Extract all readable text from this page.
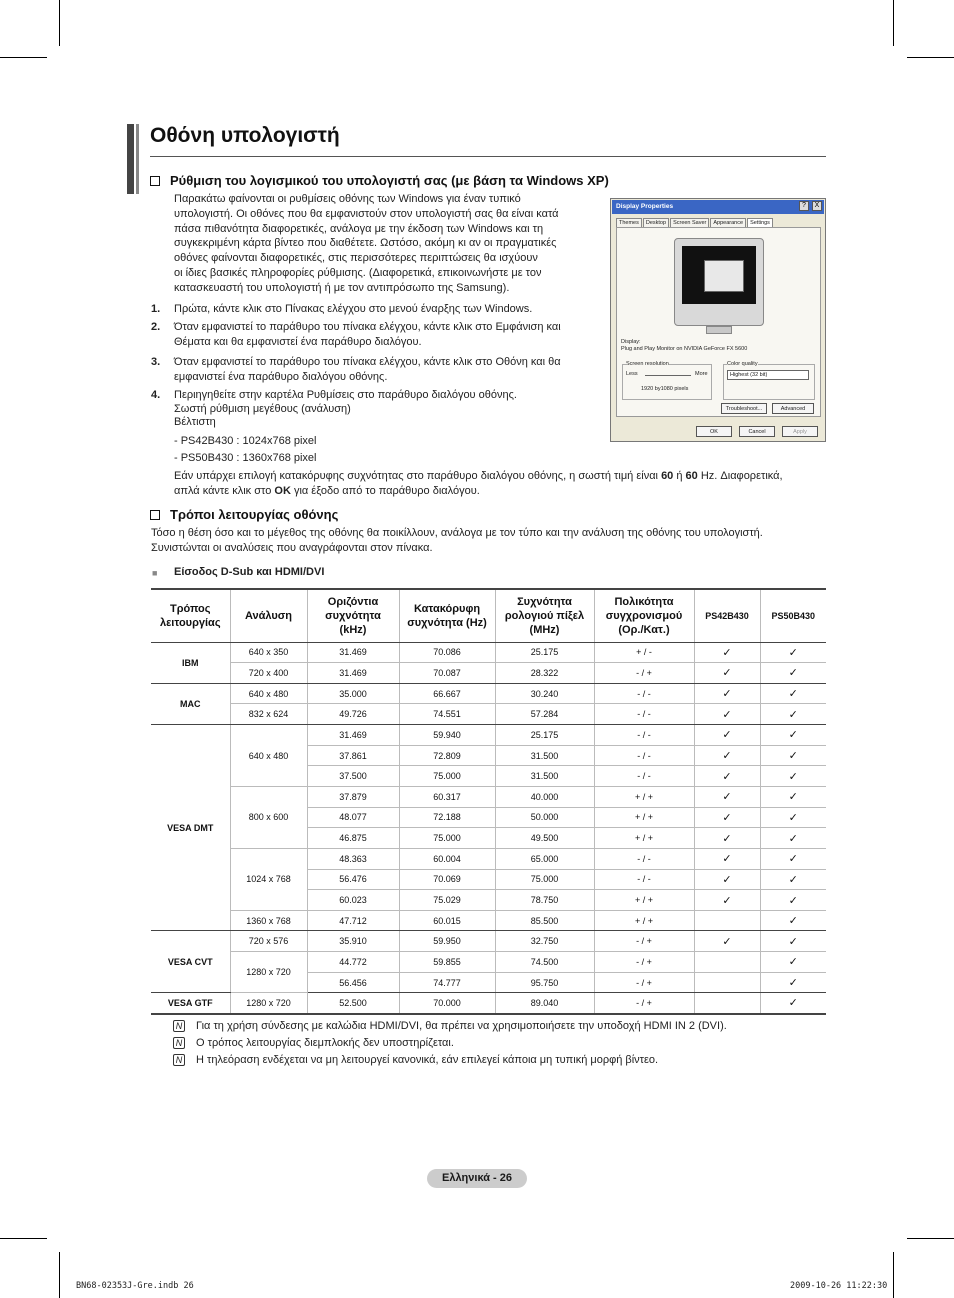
Οθόνη υπολογιστή
Ρύθμιση του λογισμικού του υπολογιστή σας (με βάση τα Windows XP)
Παρακάτω φαίνονται οι ρυθμίσεις οθόνης των Windows για έναν τυπικό
υπολογιστή. Οι οθόνες που θα εμφανιστούν στον υπολογιστή σας θα είναι κατά
πάσα πιθανότητα διαφορετικές, ανάλογα με την έκδοση των Windows και τη
συγκεκριμένη κάρτα βίντεο που διαθέτετε. Ωστόσο, ακόμη κι αν οι πραγματικές
οθόνες φαίνονται διαφορετικές, στις περισσότερες περιπτώσεις θα ισχύουν
οι ίδιες βασικές πληροφορίες ρύθμισης. (Διαφορετικά, επικοινωνήστε με τον
κατασκευαστή του υπολογιστή ή με τον αντιπρόσωπο της Samsung).
1. Πρώτα, κάντε κλικ στο Πίνακας ελέγχου στο μενού έναρξης των Windows.
2. Όταν εμφανιστεί το παράθυρο του πίνακα ελέγχου, κάντε κλικ στο Εμφάνιση και
Θέματα και θα εμφανιστεί ένα παράθυρο διαλόγου.
3. Όταν εμφανιστεί το παράθυρο του πίνακα ελέγχου, κάντε κλικ στο Οθόνη και θα
εμφανιστεί ένα παράθυρο διαλόγου οθόνης.
4. Περιηγηθείτε στην καρτέλα Ρυθμίσεις στο παράθυρο διαλόγου οθόνης.
Σωστή ρύθμιση μεγέθους (ανάλυση)
Βέλτιστη
- PS42B430 : 1024x768 pixel
- PS50B430 : 1360x768 pixel
Εάν υπάρχει επιλογή κατακόρυφης συχνότητας στο παράθυρο διαλόγου οθόνης, η σωστή τιμή είναι 60 ή 60 Hz. Διαφορετικά,
απλά κάντε κλικ στο OK για έξοδο από το παράθυρο διαλόγου.
Display Properties	?	X
Themes Desktop Screen Saver Appearance Settings
Display:
Plug and Play Monitor on NVIDIA GeForce FX 5600
Screen resolution
Less	More
1920 by1080 pixels
Color quality
Highest (32 bit)
Troubleshoot...	Advanced
OK	Cancel	Apply
Τρόποι λειτουργίας οθόνης
Τόσο η θέση όσο και το μέγεθος της οθόνης θα ποικίλλουν, ανάλογα με τον τύπο και την ανάλυση της οθόνης του υπολογιστή.
Συνιστώνται οι αναλύσεις που αναγράφονται στον πίνακα.
■ Είσοδος D-Sub και HDMI/DVI
Τρόπος λειτουργίας	Ανάλυση	Οριζόντια συχνότητα (kHz)	Κατακόρυφη συχνότητα (Hz)	Συχνότητα ρολογιού πίξελ (MHz)	Πολικότητα συγχρονισμού (Ορ./Κατ.)	PS42B430	PS50B430
IBM	640 x 350	31.469	70.086	25.175	+ / -	✓	✓
	720 x 400	31.469	70.087	28.322	- / +	✓	✓
MAC	640 x 480	35.000	66.667	30.240	- / -	✓	✓
	832 x 624	49.726	74.551	57.284	- / -	✓	✓
VESA DMT	640 x 480	31.469	59.940	25.175	- / -	✓	✓
		37.861	72.809	31.500	- / -	✓	✓
		37.500	75.000	31.500	- / -	✓	✓
	800 x 600	37.879	60.317	40.000	+ / +	✓	✓
		48.077	72.188	50.000	+ / +	✓	✓
		46.875	75.000	49.500	+ / +	✓	✓
	1024 x 768	48.363	60.004	65.000	- / -	✓	✓
		56.476	70.069	75.000	- / -	✓	✓
		60.023	75.029	78.750	+ / +	✓	✓
	1360 x 768	47.712	60.015	85.500	+ / +		✓
VESA CVT	720 x 576	35.910	59.950	32.750	- / +	✓	✓
	1280 x 720	44.772	59.855	74.500	- / +		✓
		56.456	74.777	95.750	- / +		✓
VESA GTF	1280 x 720	52.500	70.000	89.040	- / +		✓
N Για τη χρήση σύνδεσης με καλώδια HDMI/DVI, θα πρέπει να χρησιμοποιήσετε την υποδοχή HDMI IN 2 (DVI).
N Ο τρόπος λειτουργίας διεμπλοκής δεν υποστηρίζεται.
N Η τηλεόραση ενδέχεται να μη λειτουργεί κανονικά, εάν επιλεγεί κάποια μη τυπική μορφή βίντεο.
Ελληνικά - 26
BN68-02353J-Gre.indb 26	2009-10-26 11:22:30
